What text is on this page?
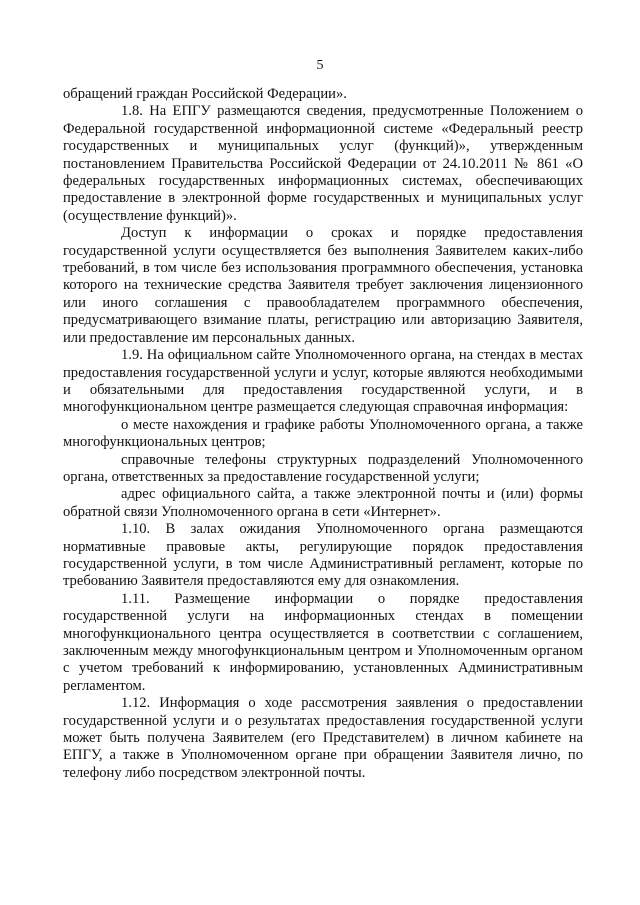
5

обращений граждан Российской Федерации».

1.8. На ЕПГУ размещаются сведения, предусмотренные Положением о Федеральной государственной информационной системе «Федеральный реестр государственных и муниципальных услуг (функций)», утвержденным постановлением Правительства Российской Федерации от 24.10.2011 № 861 «О федеральных государственных информационных системах, обеспечивающих предоставление в электронной форме государственных и муниципальных услуг (осуществление функций)».

Доступ к информации о сроках и порядке предоставления государственной услуги осуществляется без выполнения Заявителем каких-либо требований, в том числе без использования программного обеспечения, установка которого на технические средства Заявителя требует заключения лицензионного или иного соглашения с правообладателем программного обеспечения, предусматривающего взимание платы, регистрацию или авторизацию Заявителя, или предоставление им персональных данных.

1.9. На официальном сайте Уполномоченного органа, на стендах в местах предоставления государственной услуги и услуг, которые являются необходимыми и обязательными для предоставления государственной услуги, и в многофункциональном центре размещается следующая справочная информация:

о месте нахождения и графике работы Уполномоченного органа, а также многофункциональных центров;

справочные телефоны структурных подразделений Уполномоченного органа, ответственных за предоставление государственной услуги;

адрес официального сайта, а также электронной почты и (или) формы обратной связи Уполномоченного органа в сети «Интернет».

1.10. В залах ожидания Уполномоченного органа размещаются нормативные правовые акты, регулирующие порядок предоставления государственной услуги, в том числе Административный регламент, которые по требованию Заявителя предоставляются ему для ознакомления.

1.11. Размещение информации о порядке предоставления государственной услуги на информационных стендах в помещении многофункционального центра осуществляется в соответствии с соглашением, заключенным между многофункциональным центром и Уполномоченным органом с учетом требований к информированию, установленных Административным регламентом.

1.12. Информация о ходе рассмотрения заявления о предоставлении государственной услуги и о результатах предоставления государственной услуги может быть получена Заявителем (его Представителем) в личном кабинете на ЕПГУ, а также в Уполномоченном органе при обращении Заявителя лично, по телефону либо посредством электронной почты.
